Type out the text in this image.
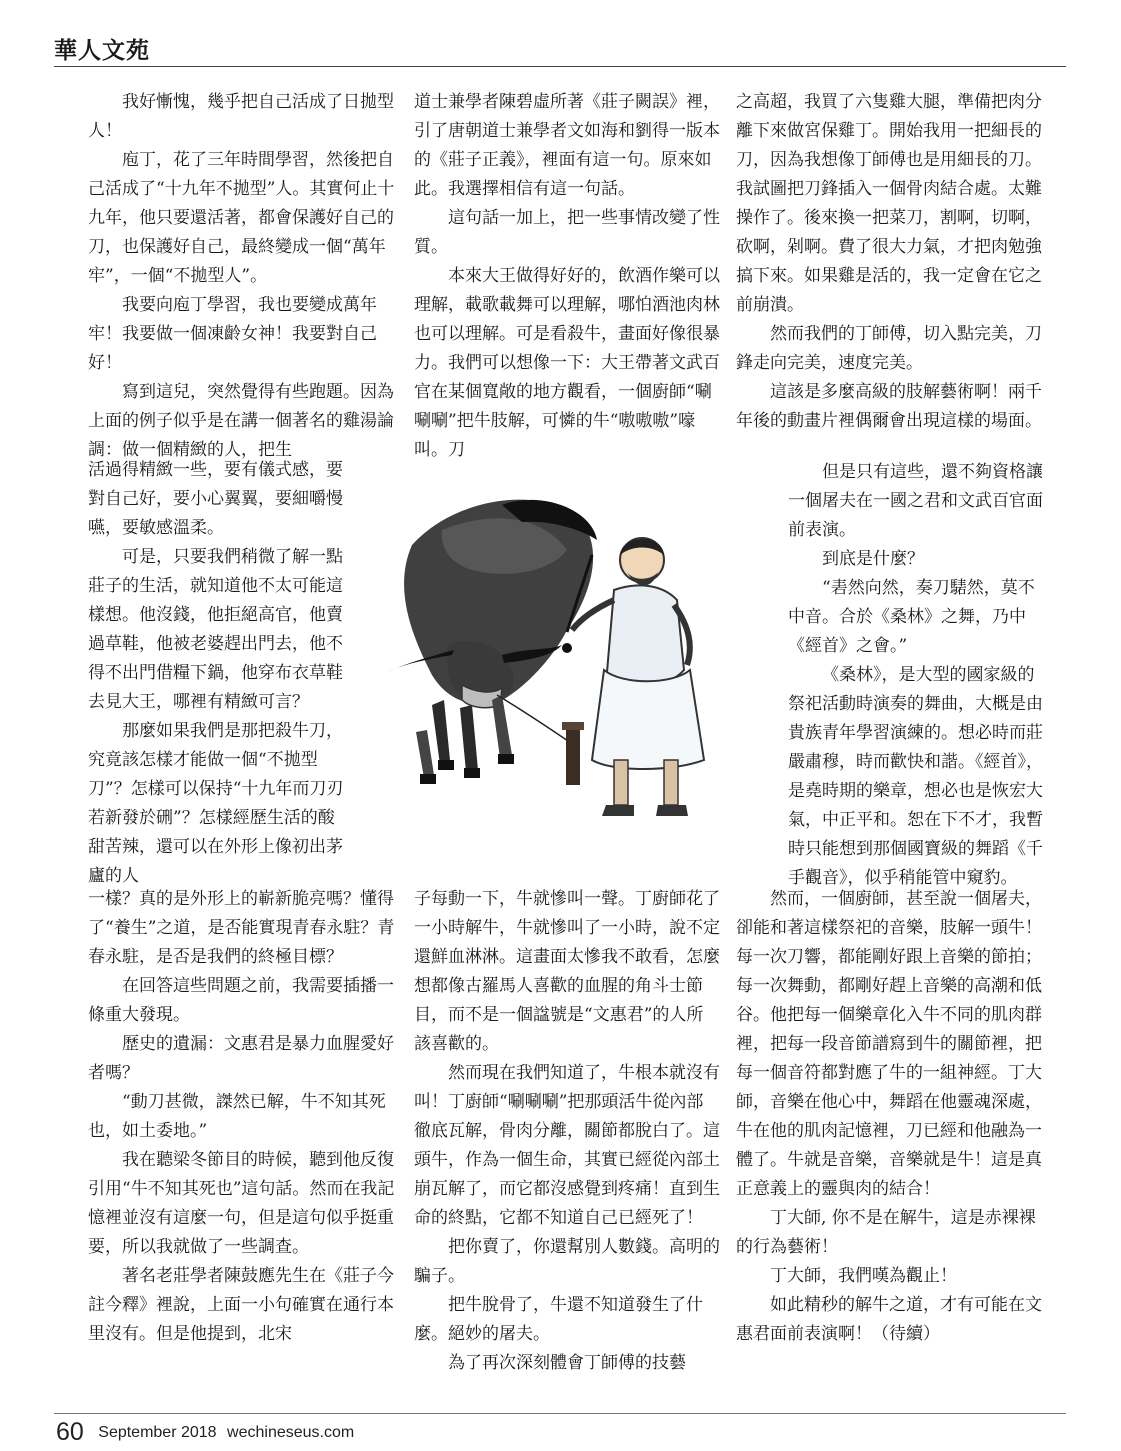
華人文苑

我好慚愧，幾乎把自己活成了日拋型人！

庖丁，花了三年時間學習，然後把自己活成了“十九年不拋型”人。其實何止十九年，他只要還活著，都會保護好自己的刀，也保護好自己，最終變成一個“萬年牢”，一個“不拋型人”。

我要向庖丁學習，我也要變成萬年牢！我要做一個凍齡女神！我要對自己好！

寫到這兒，突然覺得有些跑題。因為上面的例子似乎是在講一個著名的雞湯論調：做一個精緻的人，把生

活過得精緻一些，要有儀式感，要對自己好，要小心翼翼，要細嚼慢嚥，要敏感溫柔。

可是，只要我們稍微了解一點莊子的生活，就知道他不太可能這樣想。他沒錢，他拒絕高官，他賣過草鞋，他被老婆趕出門去，他不得不出門借糧下鍋，他穿布衣草鞋去見大王，哪裡有精緻可言？

那麼如果我們是那把殺牛刀，究竟該怎樣才能做一個“不拋型刀”？怎樣可以保持“十九年而刀刃若新發於硎”？怎樣經歷生活的酸甜苦辣，還可以在外形上像初出茅廬的人

一樣？真的是外形上的嶄新脆亮嗎？懂得了“養生”之道，是否能實現青春永駐？青春永駐，是否是我們的終極目標？

在回答這些問題之前，我需要插播一條重大發現。

歷史的遺漏：文惠君是暴力血腥愛好者嗎？

“動刀甚微，謋然已解，牛不知其死也，如土委地。”

我在聽梁冬節目的時候，聽到他反復引用“牛不知其死也”這句話。然而在我記憶裡並沒有這麼一句，但是這句似乎挺重要，所以我就做了一些調查。

著名老莊學者陳鼓應先生在《莊子今註今釋》裡說，上面一小句確實在通行本里沒有。但是他提到，北宋

道士兼學者陳碧虛所著《莊子闕誤》裡，引了唐朝道士兼學者文如海和劉得一版本的《莊子正義》，裡面有這一句。原來如此。我選擇相信有這一句話。

這句話一加上，把一些事情改變了性質。

本來大王做得好好的，飲酒作樂可以理解，載歌載舞可以理解，哪怕酒池肉林也可以理解。可是看殺牛，畫面好像很暴力。我們可以想像一下：大王帶著文武百官在某個寬敞的地方觀看，一個廚師“唰唰唰”把牛肢解，可憐的牛“嗷嗷嗷”嚎叫。刀

子每動一下，牛就慘叫一聲。丁廚師花了一小時解牛，牛就慘叫了一小時，說不定還鮮血淋淋。這畫面太慘我不敢看，怎麼想都像古羅馬人喜歡的血腥的角斗士節目，而不是一個諡號是“文惠君”的人所該喜歡的。

然而現在我們知道了，牛根本就沒有叫！丁廚師“唰唰唰”把那頭活牛從內部徹底瓦解，骨肉分離，關節都脫白了。這頭牛，作為一個生命，其實已經從內部土崩瓦解了，而它都沒感覺到疼痛！直到生命的終點，它都不知道自己已經死了！

把你賣了，你還幫別人數錢。高明的騙子。

把牛脫骨了，牛還不知道發生了什麼。絕妙的屠夫。

為了再次深刻體會丁師傅的技藝

之高超，我買了六隻雞大腿，準備把肉分離下來做宮保雞丁。開始我用一把細長的刀，因為我想像丁師傅也是用細長的刀。我試圖把刀鋒插入一個骨肉結合處。太難操作了。後來換一把菜刀，割啊，切啊，砍啊，剁啊。費了很大力氣，才把肉勉強搞下來。如果雞是活的，我一定會在它之前崩潰。

然而我們的丁師傅，切入點完美，刀鋒走向完美，速度完美。

這該是多麼高級的肢解藝術啊！兩千年後的動畫片裡偶爾會出現這樣的場面。

但是只有這些，還不夠資格讓一個屠夫在一國之君和文武百官面前表演。

到底是什麼？

“砉然向然，奏刀騞然，莫不中音。合於《桑林》之舞，乃中《經首》之會。”

《桑林》，是大型的國家級的祭祀活動時演奏的舞曲，大概是由貴族青年學習演練的。想必時而莊嚴肅穆，時而歡快和諧。《經首》，是堯時期的樂章，想必也是恢宏大氣，中正平和。恕在下不才，我暫時只能想到那個國寶級的舞蹈《千手觀音》，似乎稍能管中窺豹。

然而，一個廚師，甚至說一個屠夫，卻能和著這樣祭祀的音樂，肢解一頭牛！每一次刀響，都能剛好跟上音樂的節拍；每一次舞動，都剛好趕上音樂的高潮和低谷。他把每一個樂章化入牛不同的肌肉群裡，把每一段音節譜寫到牛的關節裡，把每一個音符都對應了牛的一組神經。丁大師，音樂在他心中，舞蹈在他靈魂深處，牛在他的肌肉記憶裡，刀已經和他融為一體了。牛就是音樂，音樂就是牛！這是真正意義上的靈與肉的結合！

丁大師, 你不是在解牛，這是赤裸裸的行為藝術！

丁大師，我們嘆為觀止！

如此精秒的解牛之道，才有可能在文惠君面前表演啊！（待續）

60 September 2018 wechineseus.com
